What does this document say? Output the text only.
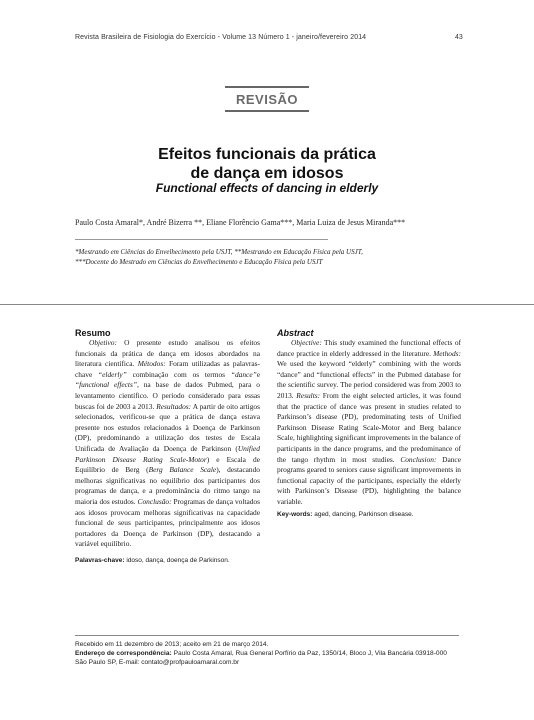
Revista Brasileira de Fisiologia do Exercício - Volume 13 Número 1 - janeiro/fevereiro 2014	43
REVISÃO
Efeitos funcionais da prática
de dança em idosos
Functional effects of dancing in elderly
Paulo Costa Amaral*, André Bizerra **, Eliane Florêncio Gama***, Maria Luiza de Jesus Miranda***
*Mestrando em Ciências do Envelhecimento pela USJT, **Mestrando em Educação Física pela USJT,
***Docente do Mestrado em Ciências do Envelhecimento e Educação Física pela USJT
Resumo

Objetivo: O presente estudo analisou os efeitos funcionais da prática de dança em idosos abordados na literatura científica. Métodos: Foram utilizadas as palavras-chave “elderly” combinação com os termos “dance”e “functional effects”, na base de dados Pubmed, para o levantamento científico. O período considerado para essas buscas foi de 2003 a 2013. Resultados: A partir de oito artigos selecionados, verificou-se que a prática de dança estava presente nos estudos relacionados à Doença de Parkinson (DP), predominando a utilização dos testes de Escala Unificada de Avaliação da Doença de Parkinson (Unified Parkinson Disease Rating Scale-Motor) e Escala de Equilíbrio de Berg (Berg Balance Scale), destacando melhoras significativas no equilíbrio dos participantes dos programas de dança, e a predominância do ritmo tango na maioria dos estudos. Conclusão: Programas de dança voltados aos idosos provocam melhoras significativas na capacidade funcional de seus participantes, principalmente aos idosos portadores da Doença de Parkinson (DP), destacando a variável equilíbrio.

Palavras-chave: idoso, dança, doença de Parkinson.
Abstract

Objective: This study examined the functional effects of dance practice in elderly addressed in the literature. Methods: We used the keyword “elderly” combining with the words “dance” and “functional effects” in the Pubmed database for the scientific survey. The period considered was from 2003 to 2013. Results: From the eight selected articles, it was found that the practice of dance was present in studies related to Parkinson’s disease (PD), predominating tests of Unified Parkinson Disease Rating Scale-Motor and Berg balance Scale, highlighting significant improvements in the balance of participants in the dance programs, and the predominance of the tango rhythm in most studies. Conclusion: Dance programs geared to seniors cause significant improvements in functional capacity of the participants, especially the elderly with Parkinson’s Disease (PD), highlighting the balance variable.

Key-words: aged, dancing, Parkinson disease.
Recebido em 11 dezembro de 2013; aceito em 21 de março 2014.
Endereço de correspondência: Paulo Costa Amaral, Rua General Porfírio da Paz, 1350/14, Bloco J, Vila Bancária 03918-000 São Paulo SP, E-mail: contato@profpauloamaral.com.br
